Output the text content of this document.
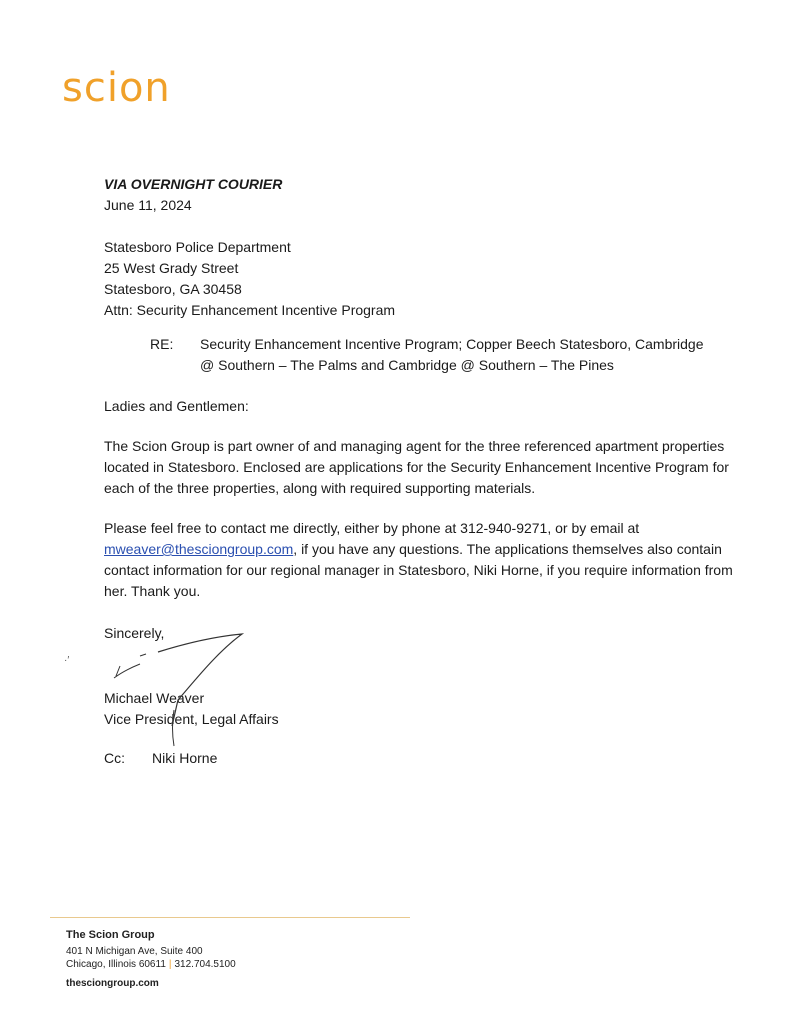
scion
·′
VIA OVERNIGHT COURIER
June 11, 2024
Statesboro Police Department
25 West Grady Street
Statesboro, GA 30458
Attn: Security Enhancement Incentive Program
RE:	Security Enhancement Incentive Program; Copper Beech Statesboro, Cambridge
@ Southern – The Palms and Cambridge @ Southern – The Pines
Ladies and Gentlemen:

The Scion Group is part owner of and managing agent for the three referenced apartment properties located in Statesboro. Enclosed are applications for the Security Enhancement Incentive Program for each of the three properties, along with required supporting materials.

Please feel free to contact me directly, either by phone at 312-940-9271, or by email at mweaver@thesciongroup.com, if you have any questions. The applications themselves also contain contact information for our regional manager in Statesboro, Niki Horne, if you require information from her. Thank you.

Sincerely,
Michael Weaver
Vice President, Legal Affairs
Cc:	Niki Horne
The Scion Group
401 N Michigan Ave, Suite 400
Chicago, Illinois 60611 | 312.704.5100
thesciongroup.com
